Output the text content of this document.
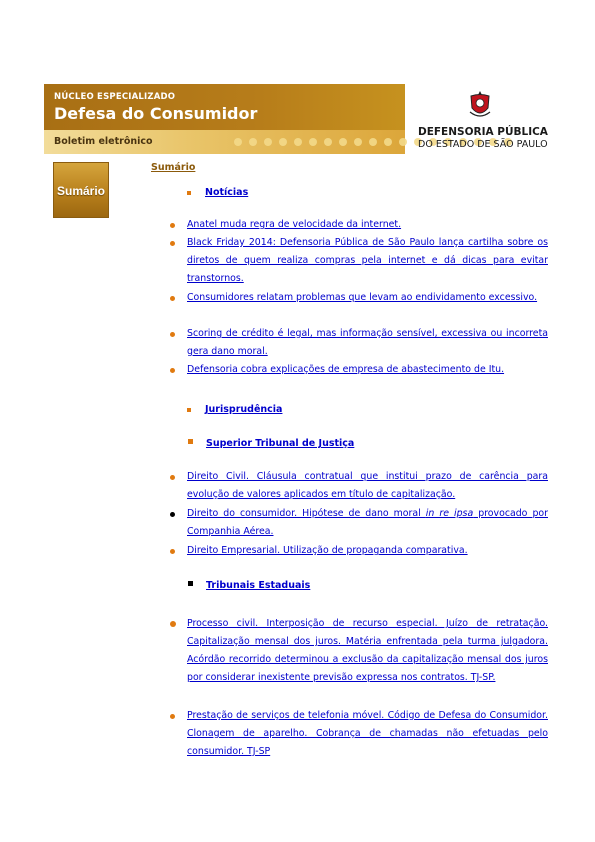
NÚCLEO ESPECIALIZADO
Defesa do Consumidor
Boletim eletrônico
DEFENSORIA PÚBLICA
DO ESTADO DE SÃO PAULO
Sumário
Sumário
Notícias
Anatel muda regra de velocidade da internet.
Black Friday 2014: Defensoria Pública de São Paulo lança cartilha sobre os diretos de quem realiza compras pela internet e dá dicas para evitar transtornos.
Consumidores relatam problemas que levam ao endividamento excessivo.
Scoring de crédito é legal, mas informação sensível, excessiva ou incorreta gera dano moral.
Defensoria cobra explicações de empresa de abastecimento de Itu.
Jurisprudência
Superior Tribunal de Justiça
Direito Civil. Cláusula contratual que institui prazo de carência para evolução de valores aplicados em título de capitalização.
Direito do consumidor. Hipótese de dano moral in re ipsa provocado por Companhia Aérea.
Direito Empresarial. Utilização de propaganda comparativa.
Tribunais Estaduais
Processo civil. Interposição de recurso especial. Juízo de retratação. Capitalização mensal dos juros. Matéria enfrentada pela turma julgadora. Acórdão recorrido determinou a exclusão da capitalização mensal dos juros por considerar inexistente previsão expressa nos contratos. TJ-SP.
Prestação de serviços de telefonia móvel. Código de Defesa do Consumidor. Clonagem de aparelho. Cobrança de chamadas não efetuadas pelo consumidor. TJ-SP
